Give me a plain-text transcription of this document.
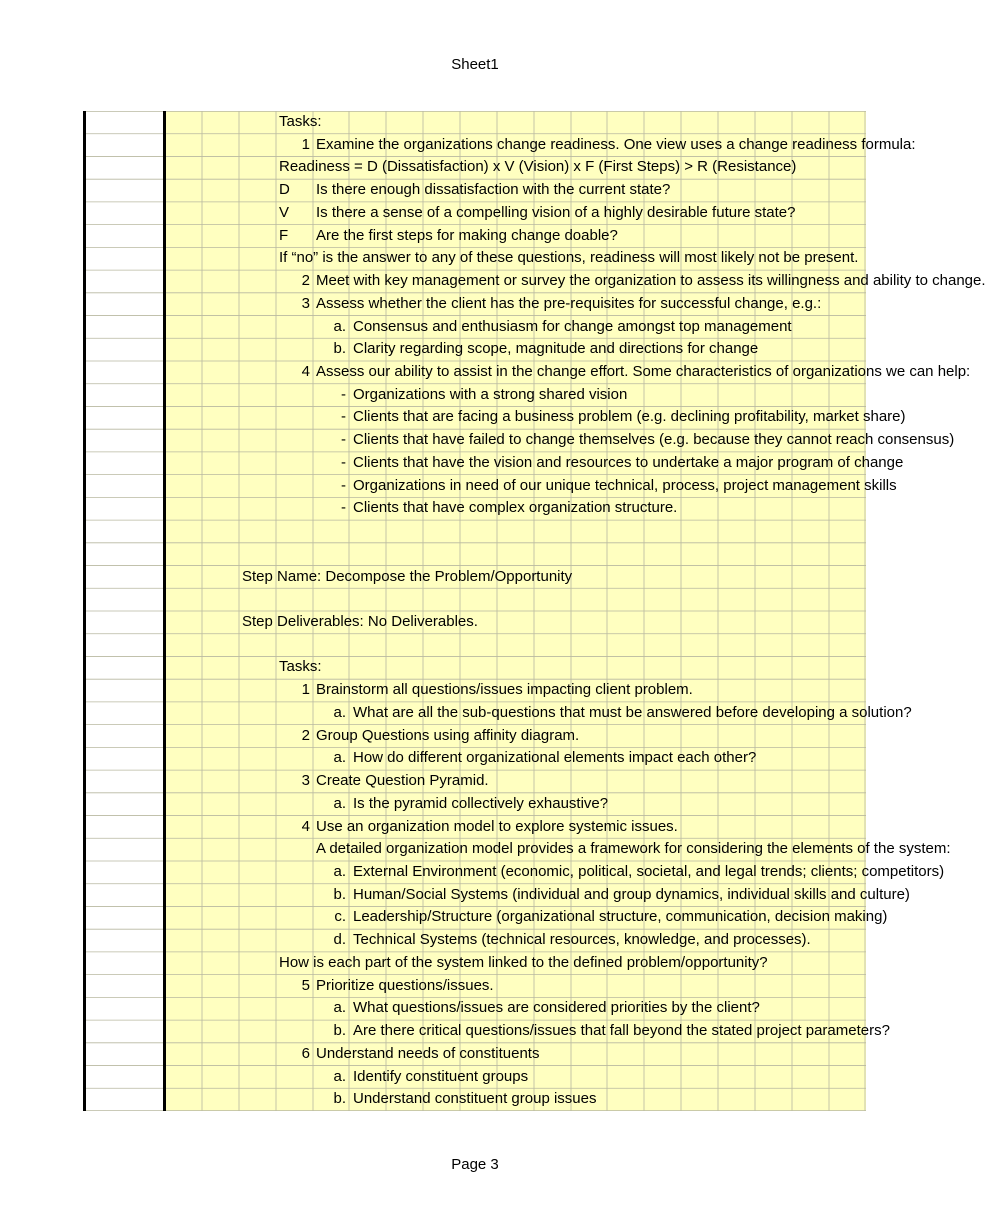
Sheet1
Tasks:
1 Examine the organizations change readiness. One view uses a change readiness formula:
Readiness = D (Dissatisfaction) x V (Vision) x F (First Steps) > R (Resistance)
D	Is there enough dissatisfaction with the current state?
V	Is there a sense of a compelling vision of a highly desirable future state?
F	Are the first steps for making change doable?
If “no” is the answer to any of these questions, readiness will most likely not be present.
2 Meet with key management or survey the organization to assess its willingness and ability to change.
3 Assess whether the client has the pre-requisites for successful change, e.g.:
a. Consensus and enthusiasm for change amongst top management
b. Clarity regarding scope, magnitude and directions for change
4 Assess our ability to assist in the change effort. Some characteristics of organizations we can help:
- Organizations with a strong shared vision
- Clients that are facing a business problem (e.g. declining profitability, market share)
- Clients that have failed to change themselves (e.g. because they cannot reach consensus)
- Clients that have the vision and resources to undertake a major program of change
- Organizations in need of our unique technical, process, project management skills
- Clients that have complex organization structure.
Step Name: Decompose the Problem/Opportunity
Step Deliverables: No Deliverables.
Tasks:
1 Brainstorm all questions/issues impacting client problem.
a. What are all the sub-questions that must be answered before developing a solution?
2 Group Questions using affinity diagram.
a. How do different organizational elements impact each other?
3 Create Question Pyramid.
a. Is the pyramid collectively exhaustive?
4 Use an organization model to explore systemic issues.
A detailed organization model provides a framework for considering the elements of the system:
a. External Environment (economic, political, societal, and legal trends; clients; competitors)
b. Human/Social Systems (individual and group dynamics, individual skills and culture)
c. Leadership/Structure (organizational structure, communication, decision making)
d. Technical Systems (technical resources, knowledge, and processes).
How is each part of the system linked to the defined problem/opportunity?
5 Prioritize questions/issues.
a. What questions/issues are considered priorities by the client?
b. Are there critical questions/issues that fall beyond the stated project parameters?
6 Understand needs of constituents
a. Identify constituent groups
b. Understand constituent group issues
Page 3
